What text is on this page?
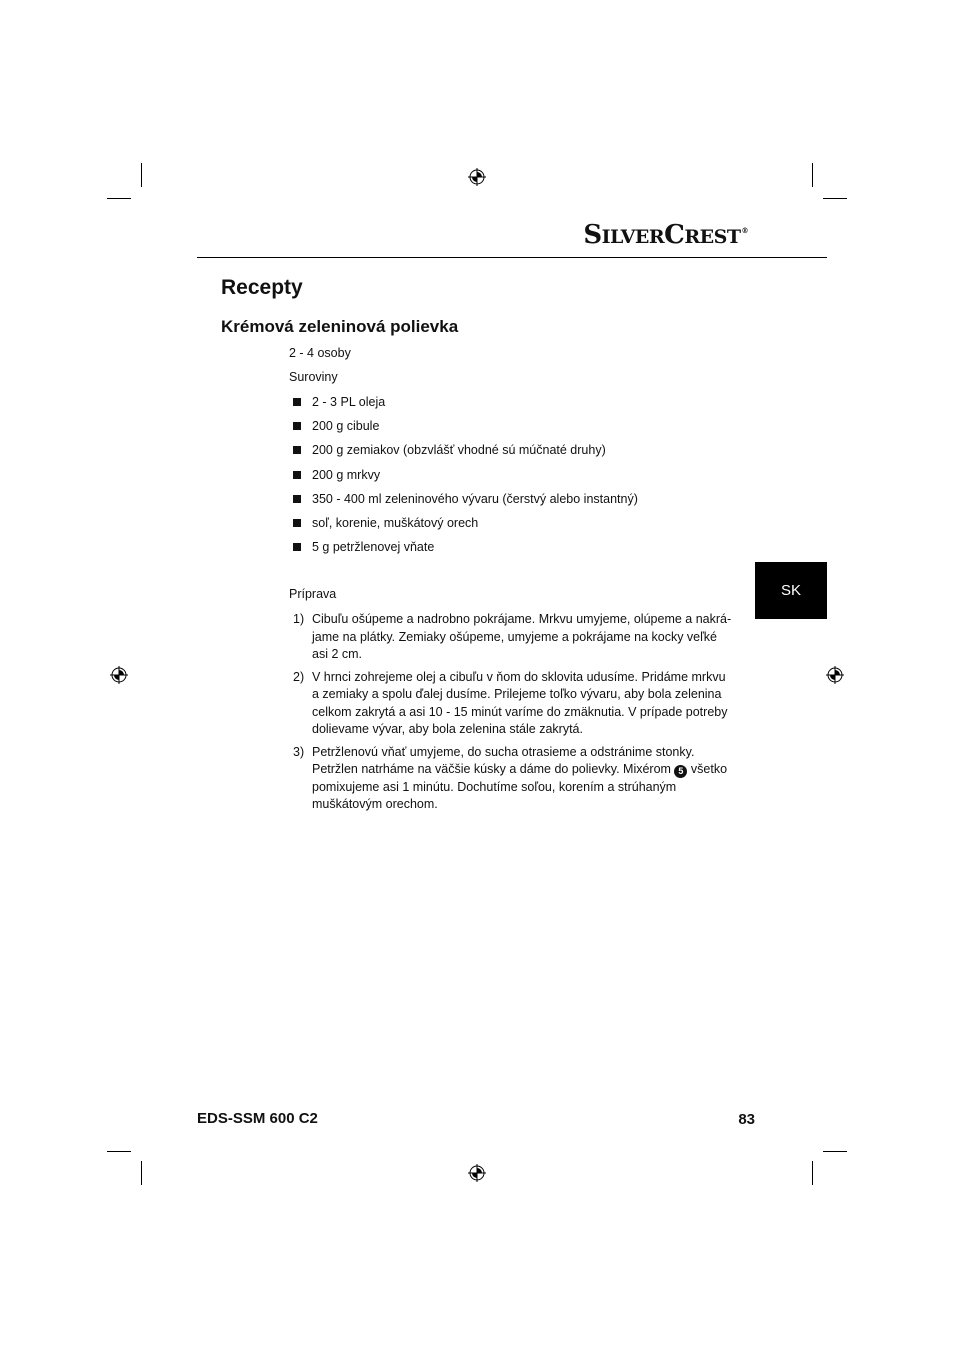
SILVERCREST®
Recepty
Krémová zeleninová polievka
2 - 4 osoby
Suroviny
2 - 3 PL oleja
200 g cibule
200 g zemiakov (obzvlášť vhodné sú múčnaté druhy)
200 g mrkvy
350 - 400 ml zeleninového vývaru (čerstvý alebo instantný)
soľ, korenie, muškátový orech
5 g petržlenovej vňate
Príprava
1) Cibuľu ošúpeme a nadrobno pokrájame. Mrkvu umyjeme, olúpeme a nakrá-jame na plátky. Zemiaky ošúpeme, umyjeme a pokrájame na kocky veľké asi 2 cm.
2) V hrnci zohrejeme olej a cibuľu v ňom do sklovita udusíme. Pridáme mrkvu a zemiaky a spolu ďalej dusíme. Prilejeme toľko vývaru, aby bola zelenina celkom zakrytá a asi 10 - 15 minút varíme do zmäknutia. V prípade potreby dolievame vývar, aby bola zelenina stále zakrytá.
3) Petržlenovú vňať umyjeme, do sucha otrasieme a odstránime stonky. Petržlen natrháme na väčšie kúsky a dáme do polievky. Mixérom 5 všetko pomixujeme asi 1 minútu. Dochutíme soľou, korením a strúhaným muškátovým orechom.
SK
EDS-SSM 600 C2	83
